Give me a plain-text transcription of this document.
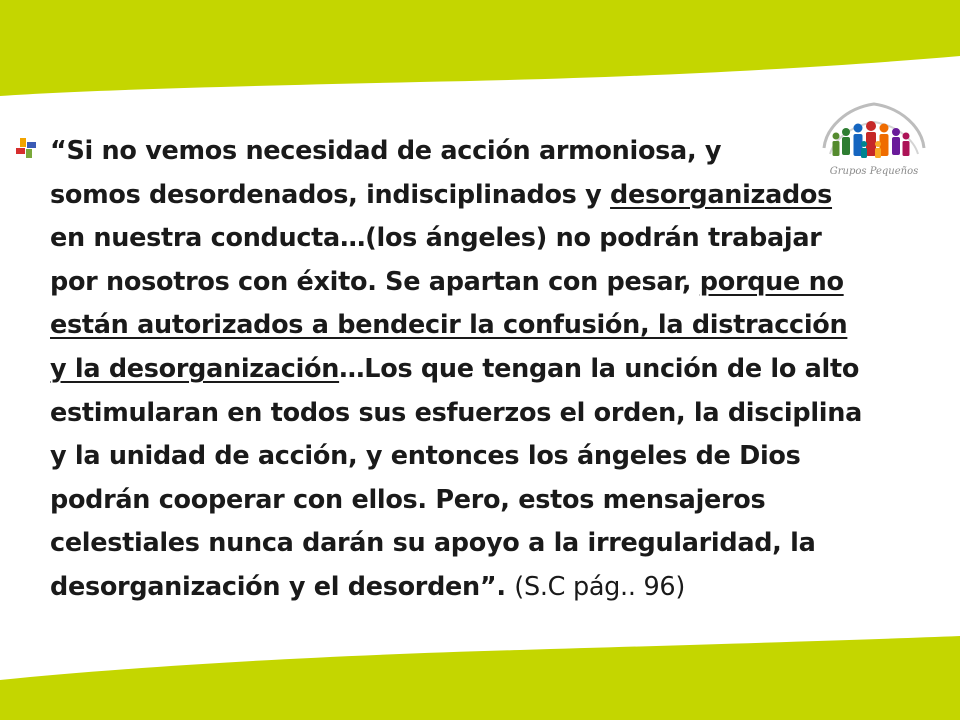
“Si no vemos necesidad de acción armoniosa, y
somos desordenados, indisciplinados y desorganizados
en nuestra conducta…(los ángeles) no podrán trabajar
por nosotros con éxito. Se apartan con pesar, porque no
están autorizados a bendecir la confusión, la distracción
y la desorganización…Los que tengan la unción de lo alto
estimularan en todos sus esfuerzos el orden, la disciplina
y la unidad de acción, y entonces los ángeles de Dios
podrán cooperar con ellos. Pero, estos mensajeros
celestiales nunca darán su apoyo a la irregularidad, la
desorganización y el desorden”. (S.C pág.. 96)

Grupos Pequeños
